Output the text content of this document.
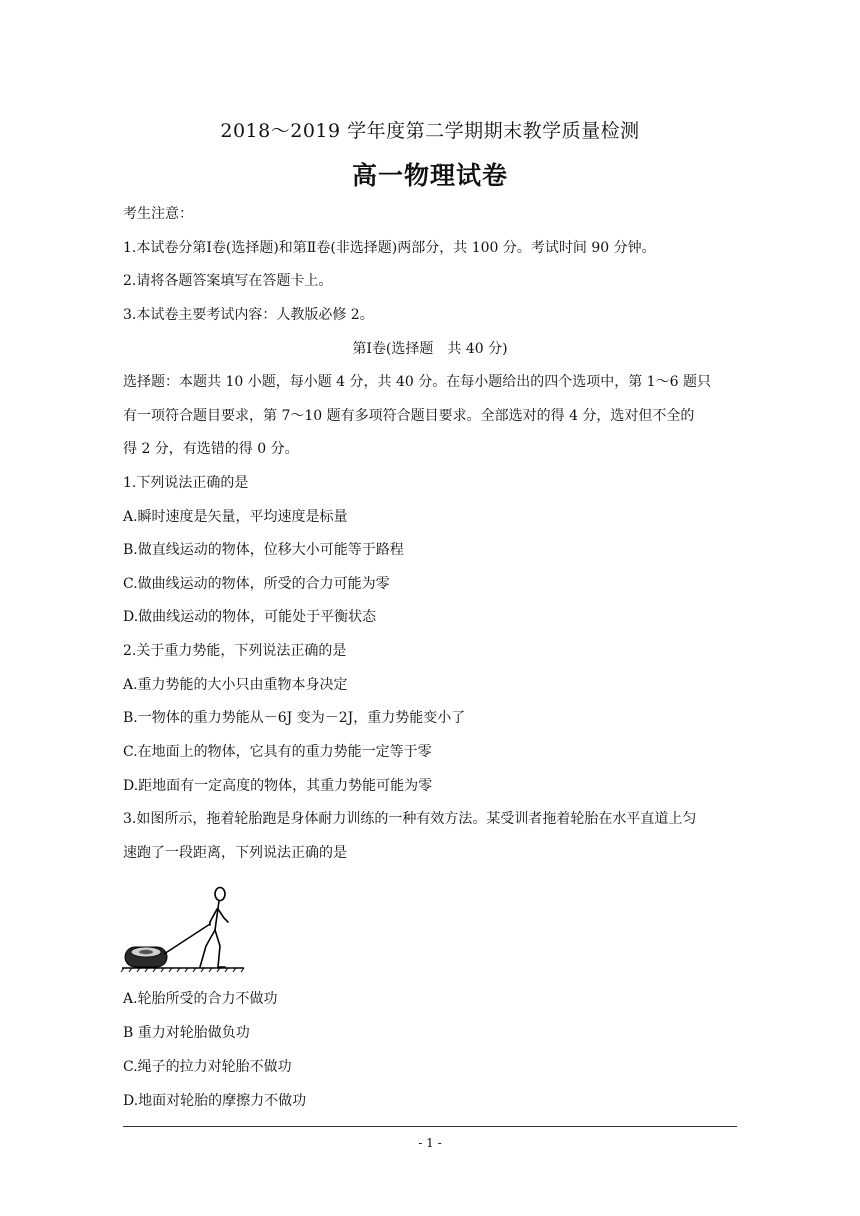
2018～2019 学年度第二学期期末教学质量检测
高一物理试卷
考生注意：
1.本试卷分第Ⅰ卷(选择题)和第Ⅱ卷(非选择题)两部分，共 100 分。考试时间 90 分钟。
2.请将各题答案填写在答题卡上。
3.本试卷主要考试内容：人教版必修 2。
第Ⅰ卷(选择题　共 40 分)
选择题：本题共 10 小题，每小题 4 分，共 40 分。在每小题给出的四个选项中，第 1～6 题只
有一项符合题目要求，第 7～10 题有多项符合题目要求。全部选对的得 4 分，选对但不全的
得 2 分，有选错的得 0 分。
1.下列说法正确的是
A.瞬时速度是矢量，平均速度是标量
B.做直线运动的物体，位移大小可能等于路程
C.做曲线运动的物体，所受的合力可能为零
D.做曲线运动的物体，可能处于平衡状态
2.关于重力势能，下列说法正确的是
A.重力势能的大小只由重物本身决定
B.一物体的重力势能从－6J 变为－2J，重力势能变小了
C.在地面上的物体，它具有的重力势能一定等于零
D.距地面有一定高度的物体，其重力势能可能为零
3.如图所示，拖着轮胎跑是身体耐力训练的一种有效方法。某受训者拖着轮胎在水平直道上匀
速跑了一段距离，下列说法正确的是
A.轮胎所受的合力不做功
B 重力对轮胎做负功
C.绳子的拉力对轮胎不做功
D.地面对轮胎的摩擦力不做功
- 1 -
